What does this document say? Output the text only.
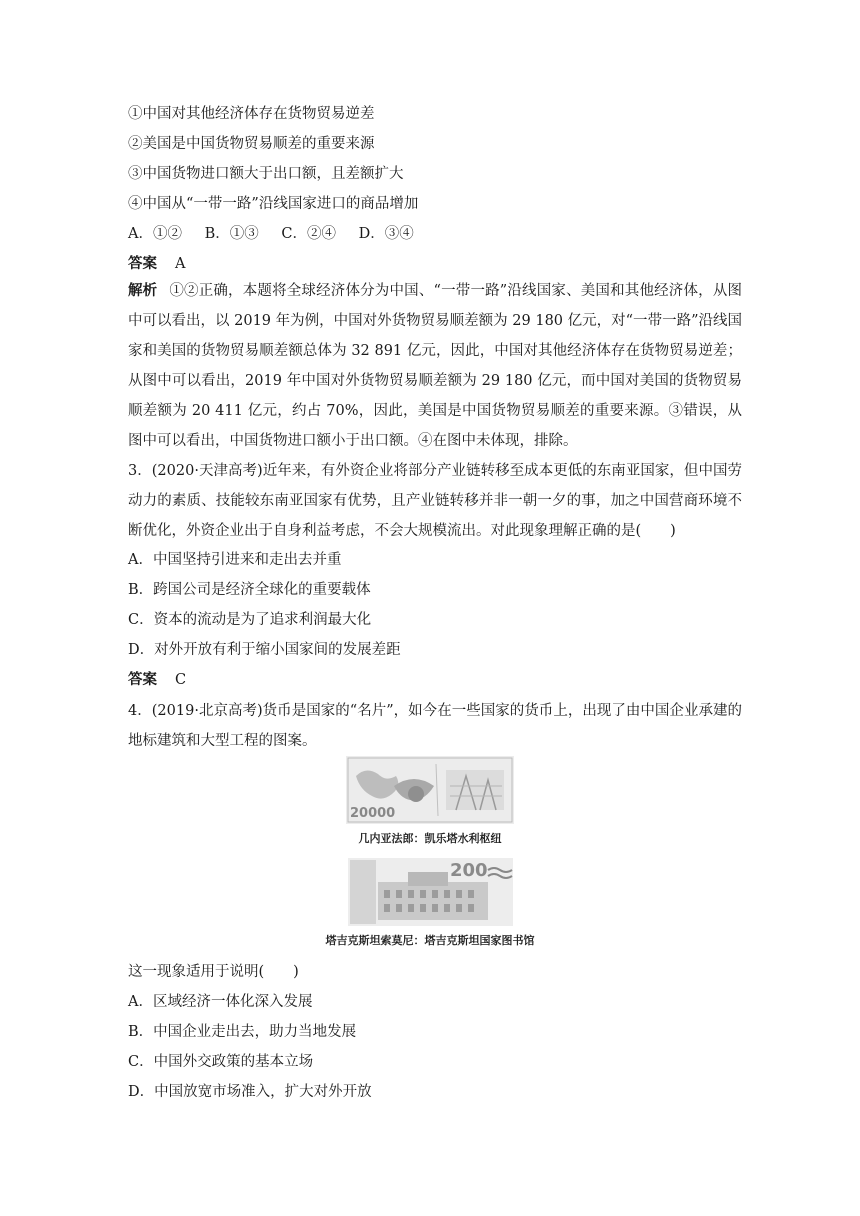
①中国对其他经济体存在货物贸易逆差
②美国是中国货物贸易顺差的重要来源
③中国货物进口额大于出口额，且差额扩大
④中国从“一带一路”沿线国家进口的商品增加
A．①② B．①③ C．②④ D．③④
答案 A
解析 ①②正确，本题将全球经济体分为中国、“一带一路”沿线国家、美国和其他经济体，从图中可以看出，以 2019 年为例，中国对外货物贸易顺差额为 29 180 亿元，对“一带一路”沿线国家和美国的货物贸易顺差额总体为 32 891 亿元，因此，中国对其他经济体存在货物贸易逆差；从图中可以看出，2019 年中国对外货物贸易顺差额为 29 180 亿元，而中国对美国的货物贸易顺差额为 20 411 亿元，约占 70%，因此，美国是中国货物贸易顺差的重要来源。③错误，从图中可以看出，中国货物进口额小于出口额。④在图中未体现，排除。
3．(2020·天津高考)近年来，有外资企业将部分产业链转移至成本更低的东南亚国家，但中国劳动力的素质、技能较东南亚国家有优势，且产业链转移并非一朝一夕的事，加之中国营商环境不断优化，外资企业出于自身利益考虑，不会大规模流出。对此现象理解正确的是(　　)
A．中国坚持引进来和走出去并重
B．跨国公司是经济全球化的重要载体
C．资本的流动是为了追求利润最大化
D．对外开放有利于缩小国家间的发展差距
答案 C
4．(2019·北京高考)货币是国家的“名片”，如今在一些国家的货币上，出现了由中国企业承建的地标建筑和大型工程的图案。
20000
几内亚法郎：凯乐塔水利枢纽
200
塔吉克斯坦索莫尼：塔吉克斯坦国家图书馆
这一现象适用于说明(　　)
A．区域经济一体化深入发展
B．中国企业走出去，助力当地发展
C．中国外交政策的基本立场
D．中国放宽市场准入，扩大对外开放
